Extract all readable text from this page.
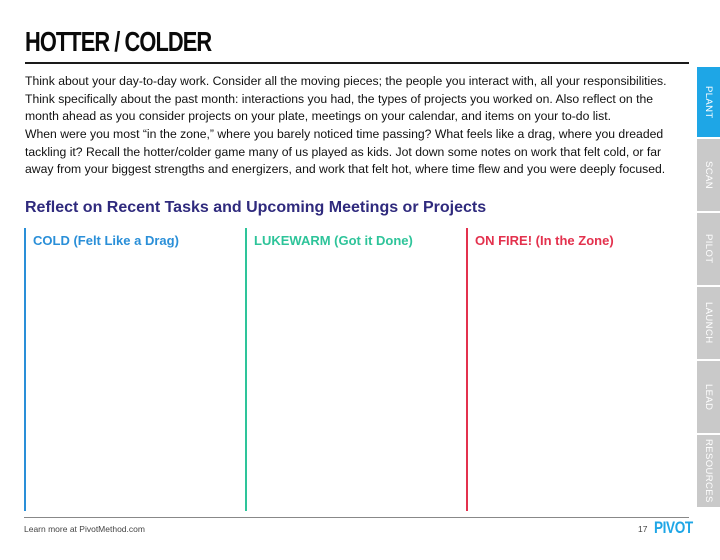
HOTTER / COLDER

Think about your day-to-day work. Consider all the moving pieces; the people you interact with, all your responsibilities. Think specifically about the past month: interactions you had, the types of projects you worked on. Also reflect on the month ahead as you consider projects on your plate, meetings on your calendar, and items on your to-do list.

When were you most “in the zone,” where you barely noticed time passing? What feels like a drag, where you dreaded tackling it? Recall the hotter/colder game many of us played as kids. Jot down some notes on work that felt cold, or far away from your biggest strengths and energizers, and work that felt hot, where time flew and you were deeply focused.

Reflect on Recent Tasks and Upcoming Meetings or Projects
COLD (Felt Like a Drag)	LUKEWARM (Got it Done)	ON FIRE! (In the Zone)
PLANT
SCAN
PILOT
LAUNCH
LEAD
RESOURCES
Learn more at PivotMethod.com	17 PIVOT
